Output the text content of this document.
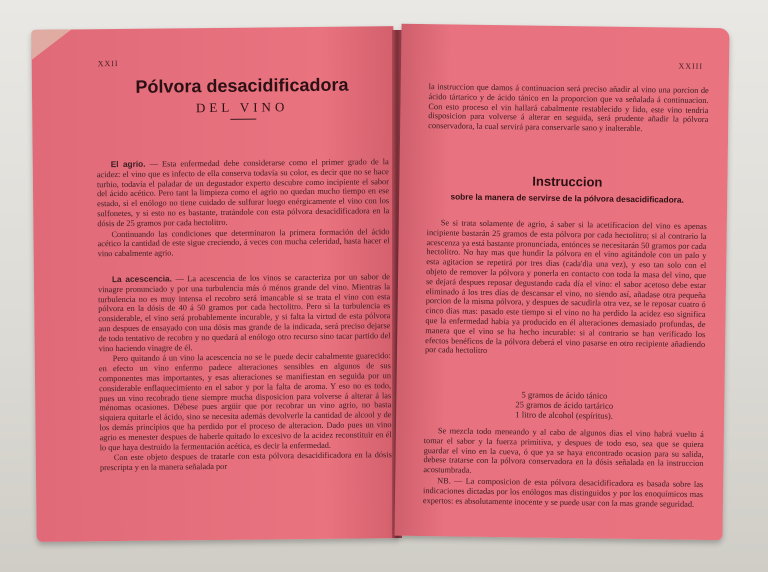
XXII
Pólvora desacidificadora
DEL VINO

El agrio. — Esta enfermedad debe considerarse como el primer grado de la acidez: el vino que es infecto de ella conserva todavía su color, es decir que no se hace turbio, todavía el paladar de un degustador experto descubre como incipiente el sabor del ácido acético. Pero tant la limpieza como el agrio no quedan mucho tiempo en ese estado, si el enólogo no tiene cuidado de sulfurar luego enérgicamente el vino con los sulfonetes, y si esto no es bastante, tratándole con esta pólvora desacidificadora en la dósis de 25 gramos por cada hectolitro.

Continuando las condiciones que determinaron la primera formación del ácido acético la cantidad de este sigue creciendo, á veces con mucha celeridad, hasta hacer el vino cabalmente agrio.

La acescencia. — La acescencia de los vinos se caracteriza por un sabor de vinagre pronunciado y por una turbulencia más ó ménos grande del vino. Mientras la turbulencia no es muy intensa el recobro será imancable si se trata el vino con esta pólvora en la dósis de 40 á 50 gramos por cada hectolitro. Pero si la turbulencia es considerable, el vino será probablemente incurable, y si falta la virtud de esta pólvora aun despues de ensayado con una dósis mas grande de la indicada, será preciso dejarse de todo tentativo de recobro y no quedará al enólogo otro recurso sino tacar partido del vino haciendo vinagre de él.

Pero quitando á un vino la acescencia no se le puede decir cabalmente guarecido: en efecto un vino enfermo padece alteraciones sensibles en algunos de sus componentes mas importantes, y esas alteraciones se manifiestan en seguida por un considerable enflaquecimiento en el sabor y por la falta de aroma. Y eso no es todo, pues un vino recobrado tiene siempre mucha disposicion para volverse á alterar á las ménomas ocasiones. Débese pues argüir que por recobrar un vino agrio, no basta siquiera quitarle el ácido, sino se necesita además devolverle la cantidad de alcool y de los demás principios que ha perdido por el proceso de alteracion. Dado pues un vino agrio es menester despues de haberle quitado lo excesivo de la acidez reconstituir en él lo que haya destruido la fermentación acética, es decir la enfermedad.

Con este objeto despues de tratarle con esta pólvora desacidificadora en la dósis prescripta y en la manera señalada por

XXIII

la instruccion que damos á continuacion será preciso añadir al vino una porcion de ácido tártarico y de ácido tánico en la proporcion que va señalada á continuacion. Con esto proceso el vin hallará cabalmente restablecido y lido, este vino tendria disposicion para volverse á alterar en seguida, será prudente añadir la pólvora conservadora, la cual servirá para conservarle sano y inalterable.

Instruccion
sobre la manera de servirse de la pólvora desacidificadora.

Se si trata solamente de agrio, á saber si la acetificacion del vino es apenas incipiente bastarán 25 gramos de esta pólvora por cada hectolitro; si al contrario la acescenza ya está bastante pronunciada, entónces se necesitarán 50 gramos por cada hectolitro. No hay mas que hundir la pólvora en el vino agitándole con un palo y esta agitacion se repetirá por tres dias (cada'dia una vez), y eso tan solo con el objeto de remover la pólvora y ponerla en contacto con toda la masa del vino, que se dejará despues reposar degustando cada día el vino: el sabor acetoso debe estar eliminado á los tres días de descansar el vino, no siendo así, añadase otra pequeña porcion de la misma pólvora, y despues de sacudirla otra vez, se le reposar cuatro ó cinco dias mas: pasado este tiempo si el vino no ha perdido la acidez eso significa que la enfermedad habia ya producido en él alteraciones demasiado profundas, de manera que el vino se ha hecho incurable: si al contrario se han verificado los efectos benéficos de la pólvora deberá el vino pasarse en otro recipiente añadiendo por cada hectolitro

5 gramos de ácido tánico
25 gramos de ácido tartárico
1 litro de alcohol (espíritus).

Se mezcla todo meneando y al cabo de algunos dias el vino habrá vuelto á tomar el sabor y la fuerza primitiva, y despues de todo eso, sea que se quiera guardar el vino en la cueva, ó que ya se haya encontrado ocasion para su salida, debese tratarse con la pólvora conservadora en la dósis señalada en la instruccion acostumbrada.

NB. — La composicion de esta pólvora desacidificadora es basada sobre las indicaciones dictadas por los enólogos mas distinguidos y por los enoquímicos mas expertos: es absolutamente inocente y se puede usar con la mas grande seguridad.
